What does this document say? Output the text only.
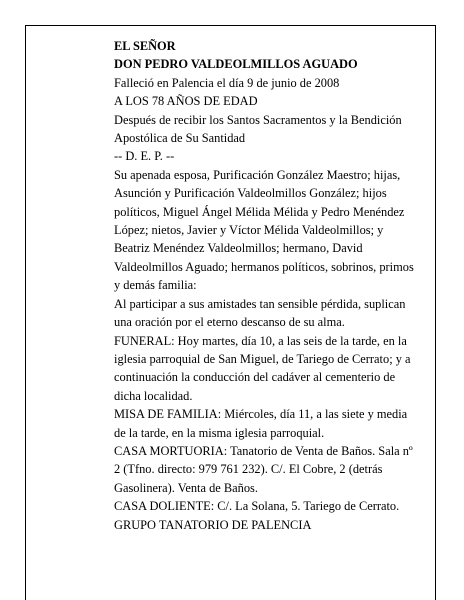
EL SEÑOR

DON PEDRO VALDEOLMILLOS AGUADO

Falleció en Palencia el día 9 de junio de 2008

A LOS 78 AÑOS DE EDAD

Después de recibir los Santos Sacramentos y la Bendición Apostólica de Su Santidad

-- D. E. P. --

Su apenada esposa, Purificación González Maestro; hijas, Asunción y Purificación Valdeolmillos González; hijos políticos, Miguel Ángel Mélida Mélida y Pedro Menéndez López; nietos, Javier y Víctor Mélida Valdeolmillos; y Beatriz Menéndez Valdeolmillos; hermano, David Valdeolmillos Aguado; hermanos políticos, sobrinos, primos y demás familia:

Al participar a sus amistades tan sensible pérdida, suplican una oración por el eterno descanso de su alma.

FUNERAL: Hoy martes, día 10, a las seis de la tarde, en la iglesia parroquial de San Miguel, de Tariego de Cerrato; y a continuación la conducción del cadáver al cementerio de dicha localidad.

MISA DE FAMILIA: Miércoles, día 11, a las siete y media de la tarde, en la misma iglesia parroquial.

CASA MORTUORIA: Tanatorio de Venta de Baños. Sala nº 2 (Tfno. directo: 979 761 232). C/. El Cobre, 2 (detrás Gasolinera). Venta de Baños.

CASA DOLIENTE: C/. La Solana, 5. Tariego de Cerrato.

GRUPO TANATORIO DE PALENCIA
